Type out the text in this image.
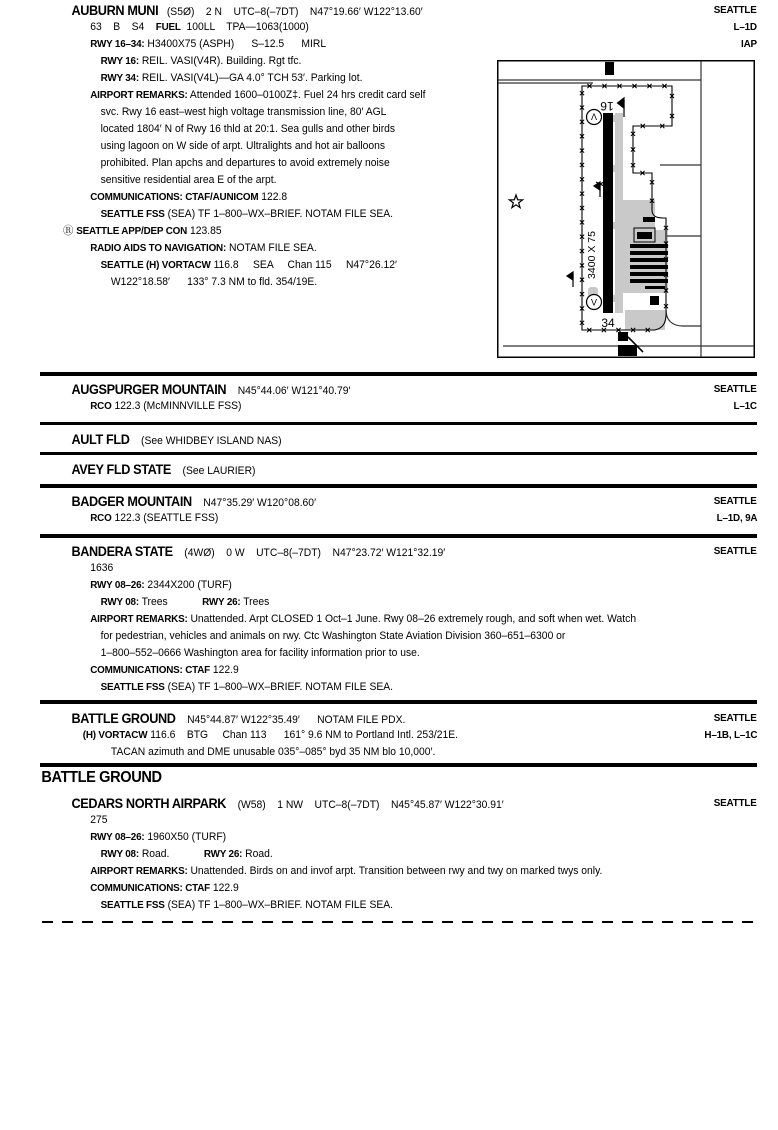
AUBURN MUNI   (S5Ø)    2 N    UTC–8(–7DT)    N47°19.66′ W122°13.60′
63    B    S4    FUEL  100LL    TPA—1063(1000)
RWY 16–34: H3400X75 (ASPH)      S–12.5      MIRL
RWY 16: REIL. VASI(V4R). Building. Rgt tfc.
RWY 34: REIL. VASI(V4L)—GA 4.0° TCH 53′. Parking lot.
AIRPORT REMARKS: Attended 1600–0100Z‡. Fuel 24 hrs credit card self
svc. Rwy 16 east–west high voltage transmission line, 80′ AGL
located 1804′ N of Rwy 16 thld at 20:1. Sea gulls and other birds
using lagoon on W side of arpt. Ultralights and hot air balloons
prohibited. Plan apchs and departures to avoid extremely noise
sensitive residential area E of the arpt.
COMMUNICATIONS: CTAF/AUNICOM 122.8
SEATTLE FSS (SEA) TF 1–800–WX–BRIEF. NOTAM FILE SEA.
Ⓡ SEATTLE APP/DEP CON 123.85
RADIO AIDS TO NAVIGATION: NOTAM FILE SEA.
SEATTLE (H) VORTACW 116.8     SEA     Chan 115     N47°26.12′
W122°18.58′      133° 7.3 NM to fld. 354/19E.
SEATTLE
L–1D
IAP
AUGSPURGER MOUNTAIN    N45°44.06′ W121°40.79′
RCO 122.3 (McMINNVILLE FSS)
SEATTLE
L–1C
AULT FLD    (See WHIDBEY ISLAND NAS)
AVEY FLD STATE    (See LAURIER)
BADGER MOUNTAIN    N47°35.29′ W120°08.60′
RCO 122.3 (SEATTLE FSS)
SEATTLE
L–1D, 9A
BANDERA STATE    (4WØ)    0 W    UTC–8(–7DT)    N47°23.72′ W121°32.19′
1636
RWY 08–26: 2344X200 (TURF)
RWY 08: Trees            RWY 26: Trees
AIRPORT REMARKS: Unattended. Arpt CLOSED 1 Oct–1 June. Rwy 08–26 extremely rough, and soft when wet. Watch
for pedestrian, vehicles and animals on rwy. Ctc Washington State Aviation Division 360–651–6300 or
1–800–552–0666 Washington area for facility information prior to use.
COMMUNICATIONS: CTAF 122.9
SEATTLE FSS (SEA) TF 1–800–WX–BRIEF. NOTAM FILE SEA.
SEATTLE
BATTLE GROUND    N45°44.87′ W122°35.49′      NOTAM FILE PDX.
(H) VORTACW 116.6    BTG     Chan 113      161° 9.6 NM to Portland Intl. 253/21E.
TACAN azimuth and DME unusable 035°–085° byd 35 NM blo 10,000′.
SEATTLE
H–1B, L–1C
BATTLE GROUND
CEDARS NORTH AIRPARK    (W58)    1 NW    UTC–8(–7DT)    N45°45.87′ W122°30.91′
275
RWY 08–26: 1960X50 (TURF)
RWY 08: Road.            RWY 26: Road.
AIRPORT REMARKS: Unattended. Birds on and invof arpt. Transition between rwy and twy on marked twys only.
COMMUNICATIONS: CTAF 122.9
SEATTLE FSS (SEA) TF 1–800–WX–BRIEF. NOTAM FILE SEA.
SEATTLE
V
V
16
34
3400 X 75
